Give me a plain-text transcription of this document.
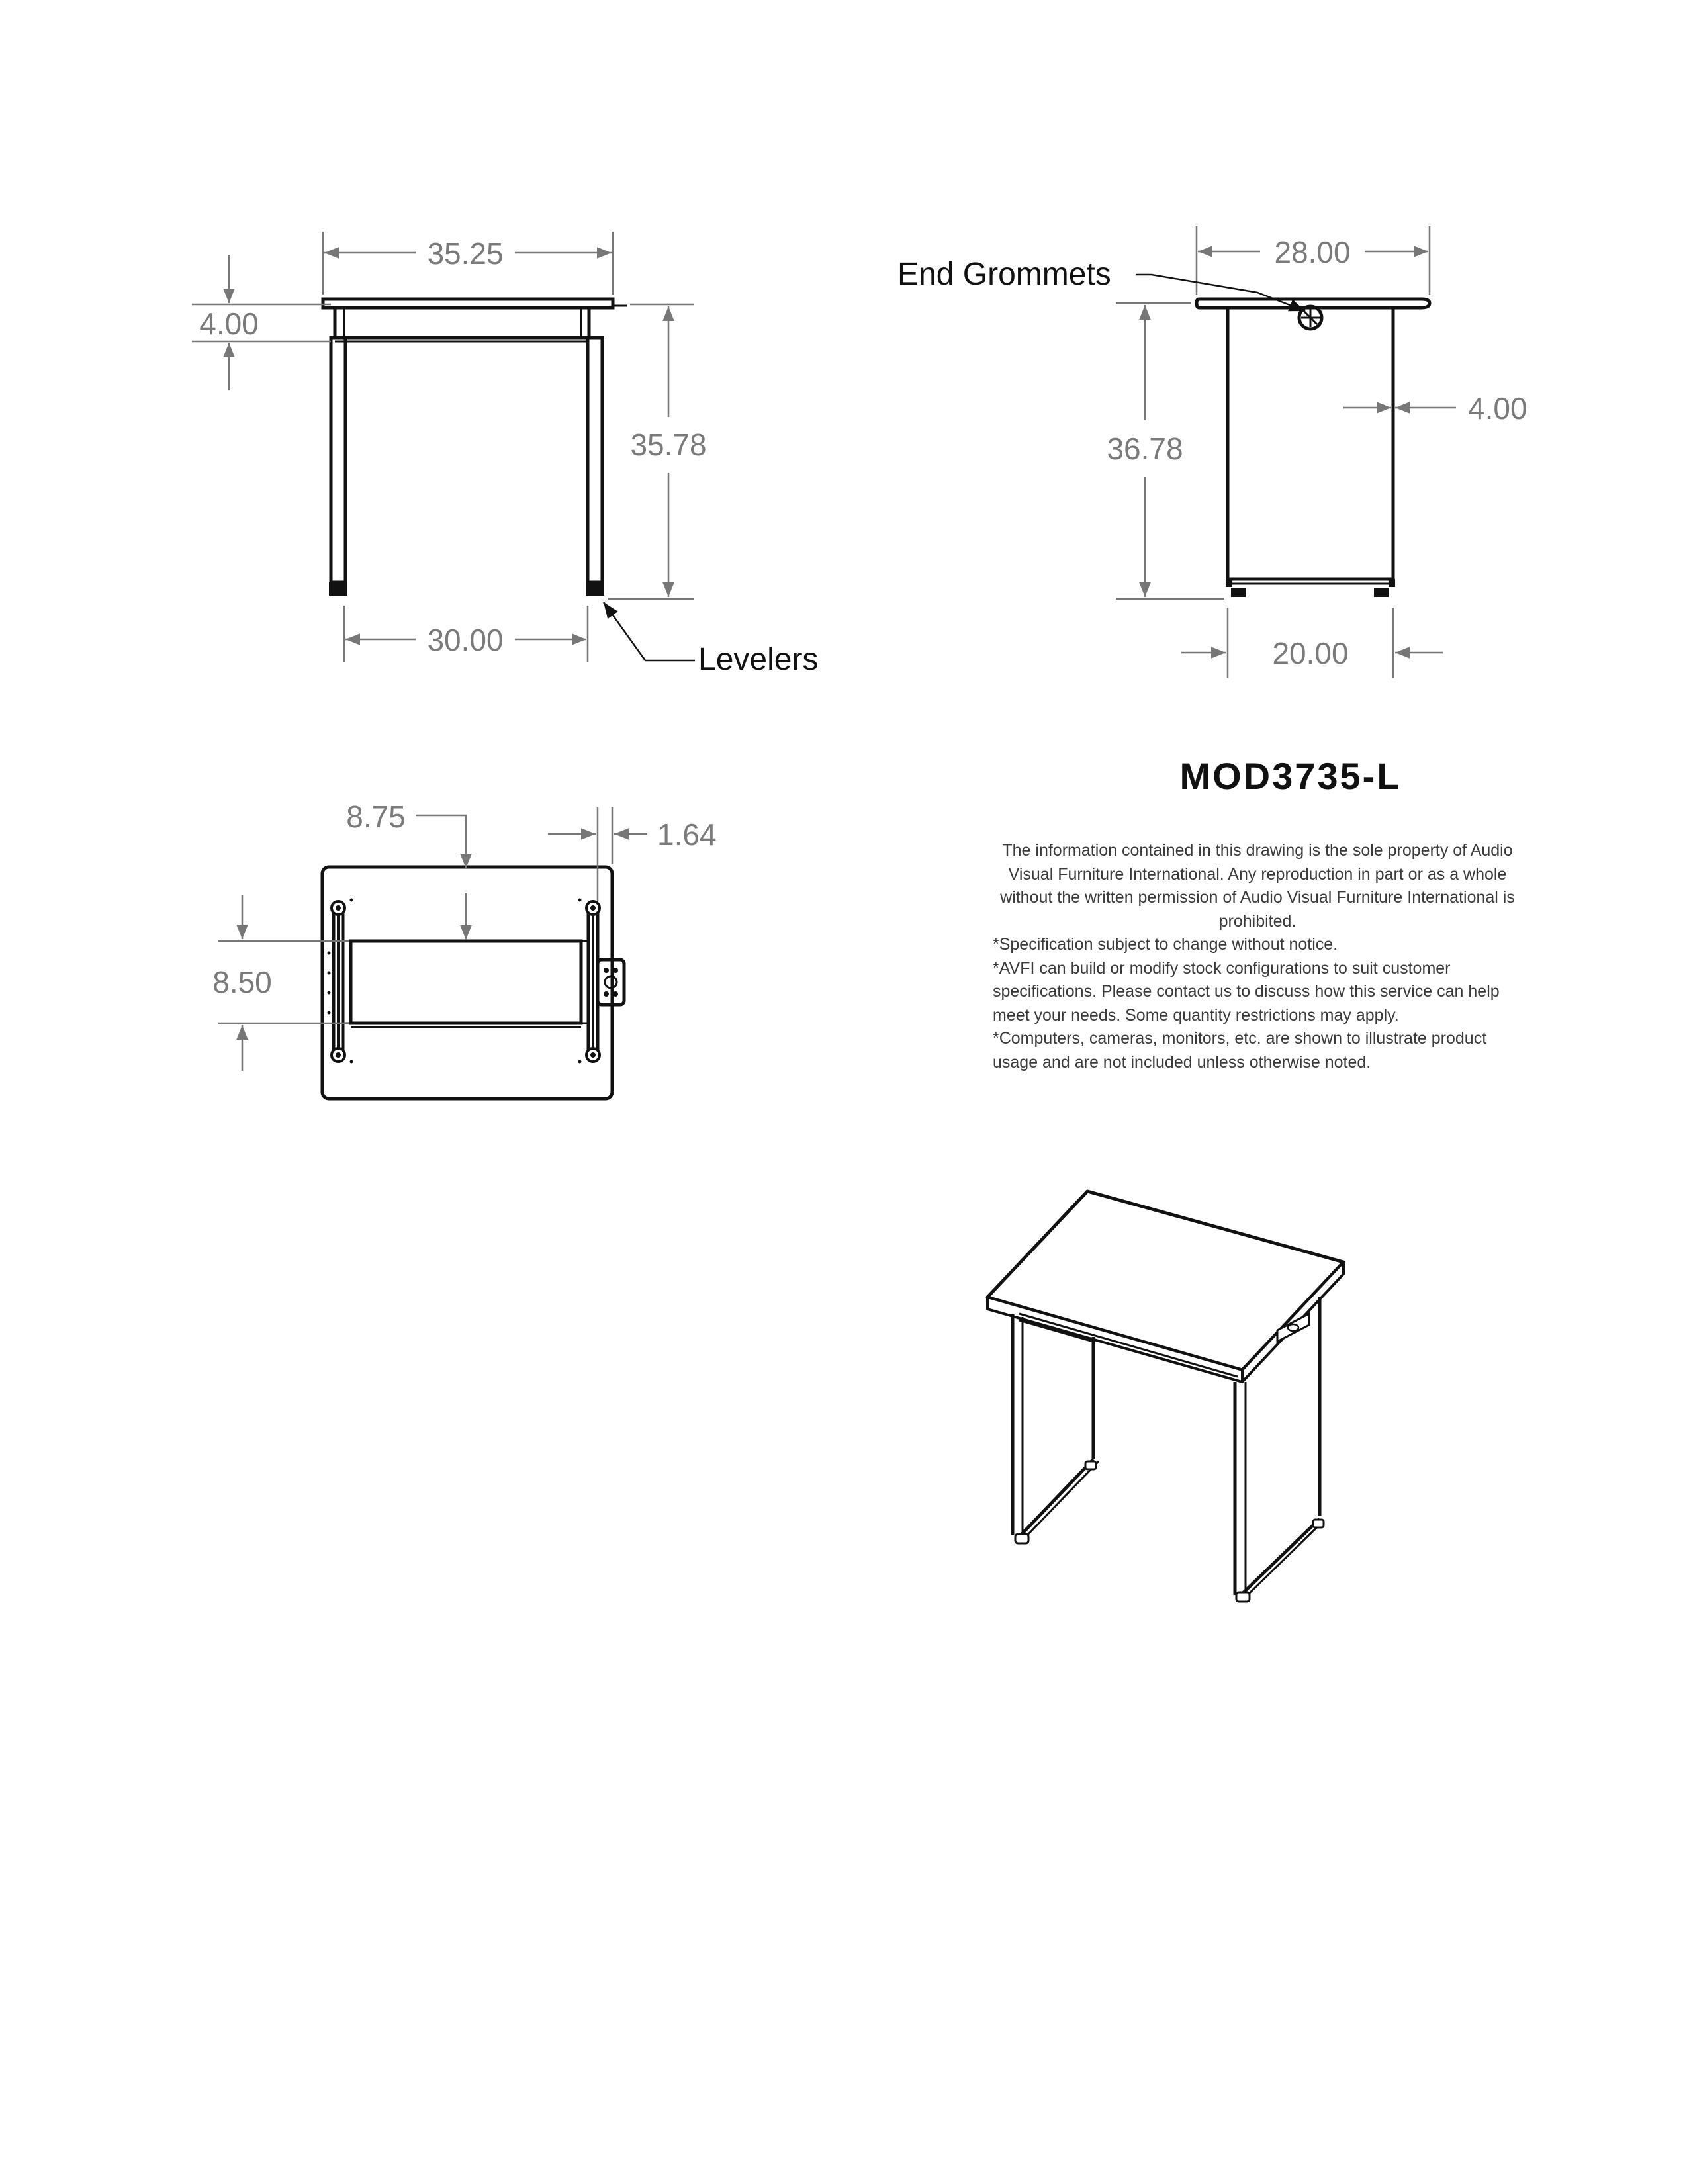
35.25
4.00
35.78
30.00
Levelers
28.00
36.78
4.00
20.00
End Grommets
8.75
1.64
8.50
MOD3735-L

The information contained in this drawing is the sole property of Audio Visual Furniture International. Any reproduction in part or as a whole without the written permission of Audio Visual Furniture International is prohibited.

*Specification subject to change without notice.

*AVFI can build or modify stock configurations to suit customer specifications. Please contact us to discuss how this service can help meet your needs. Some quantity restrictions may apply.

*Computers, cameras, monitors, etc. are shown to illustrate product usage and are not included unless otherwise noted.
